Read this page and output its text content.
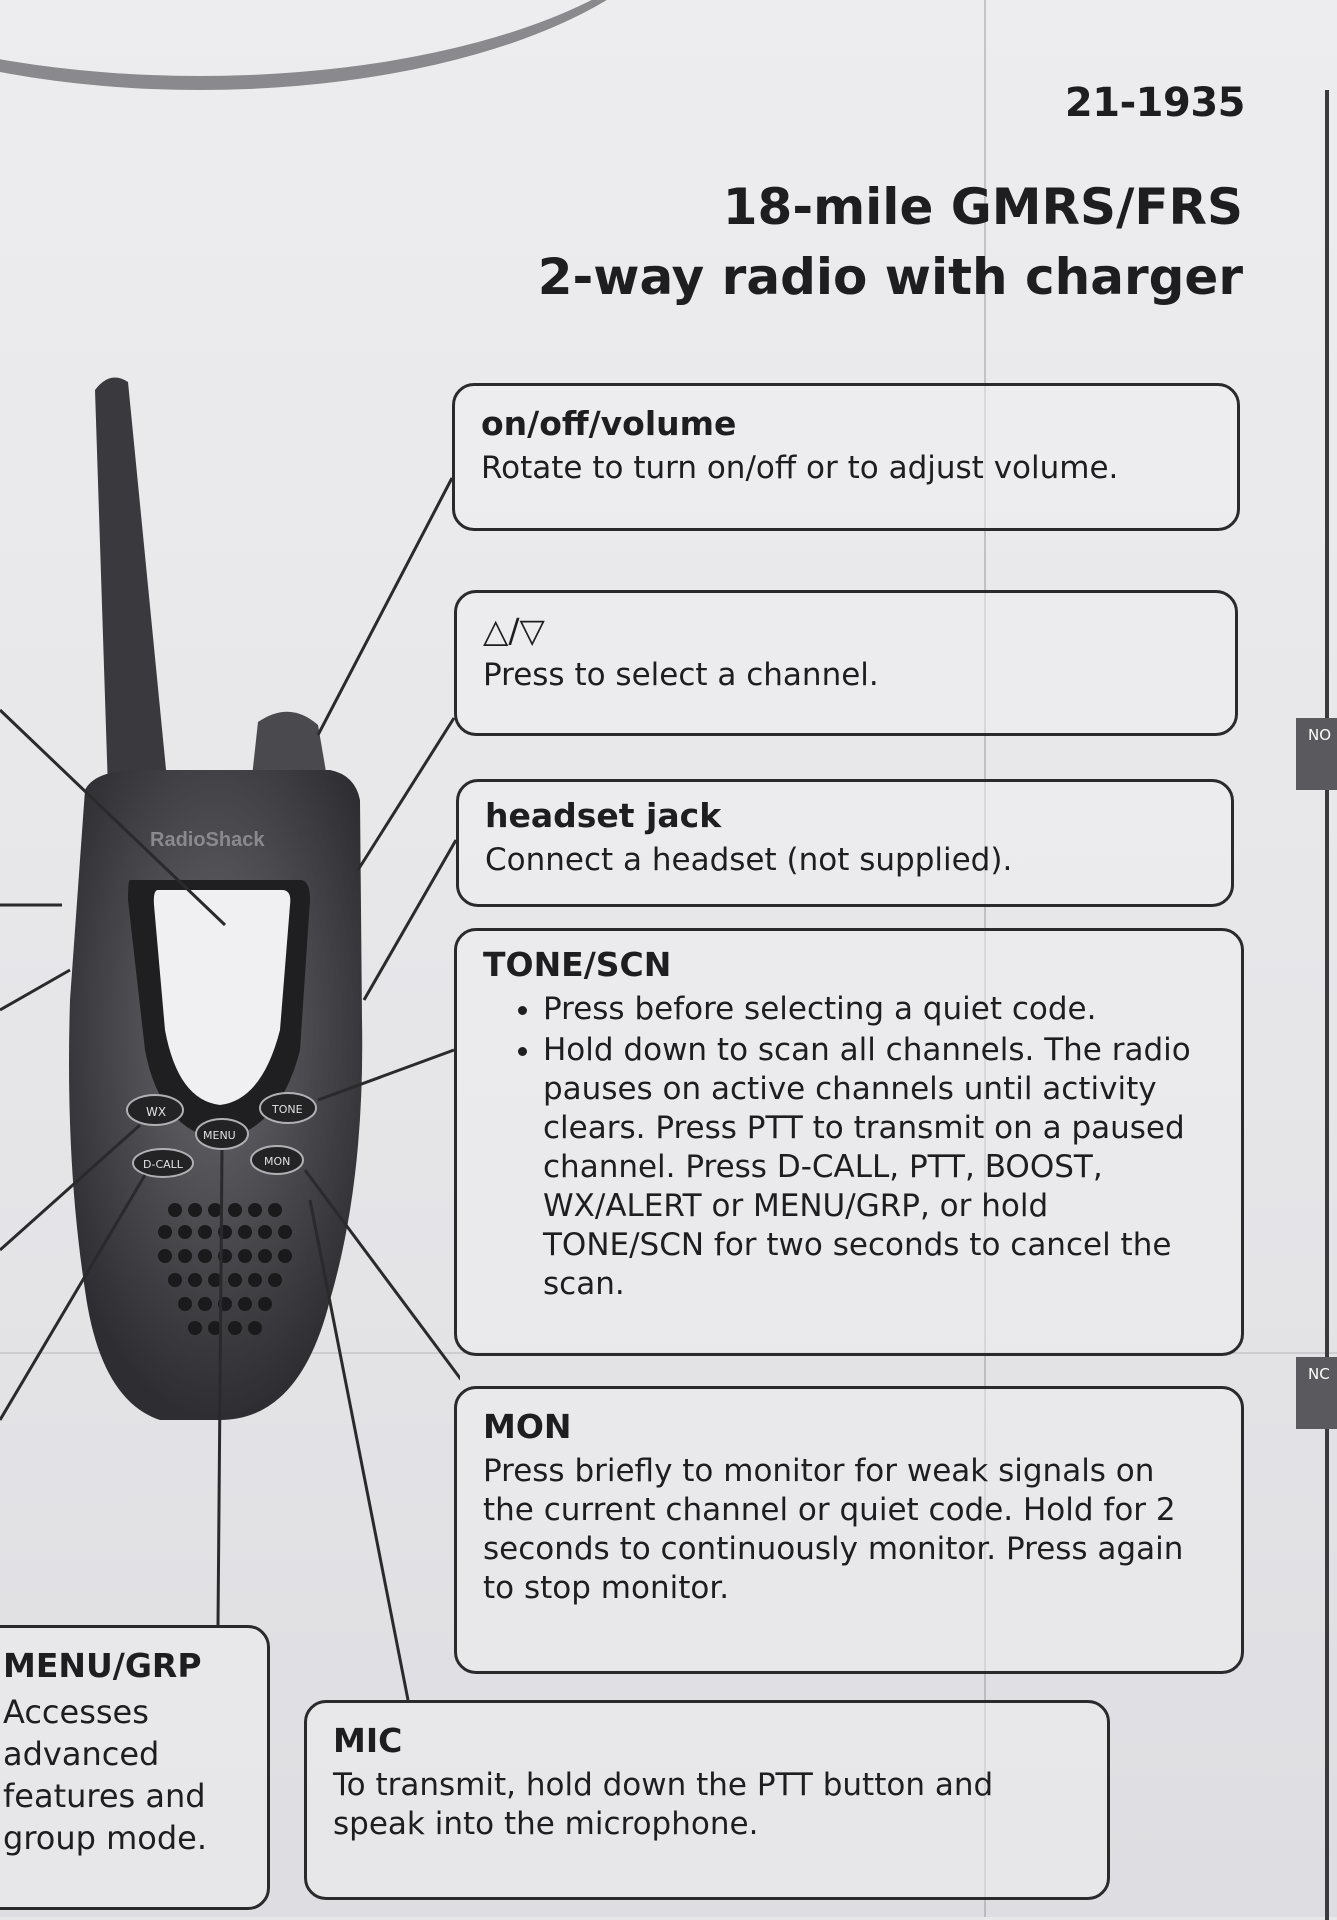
NO
NC
21-1935
18-mile GMRS/FRS
2-way radio with charger
RadioShack
WX	TONE
MENU
D-CALL	MON
on/off/volume

Rotate to turn on/off or to adjust volume.

△/▽

Press to select a channel.

headset jack

Connect a headset (not supplied).

TONE/SCN
• Press before selecting a quiet code.
• Hold down to scan all channels. The radio pauses on active channels until activity clears. Press PTT to transmit on a paused channel. Press D-CALL, PTT, BOOST, WX/ALERT or MENU/GRP, or hold TONE/SCN for two seconds to cancel the scan.
MON

Press briefly to monitor for weak signals on the current channel or quiet code. Hold for 2 seconds to continuously monitor. Press again to stop monitor.

MENU/GRP

Accesses advanced features and group mode.

MIC

To transmit, hold down the PTT button and speak into the microphone.
